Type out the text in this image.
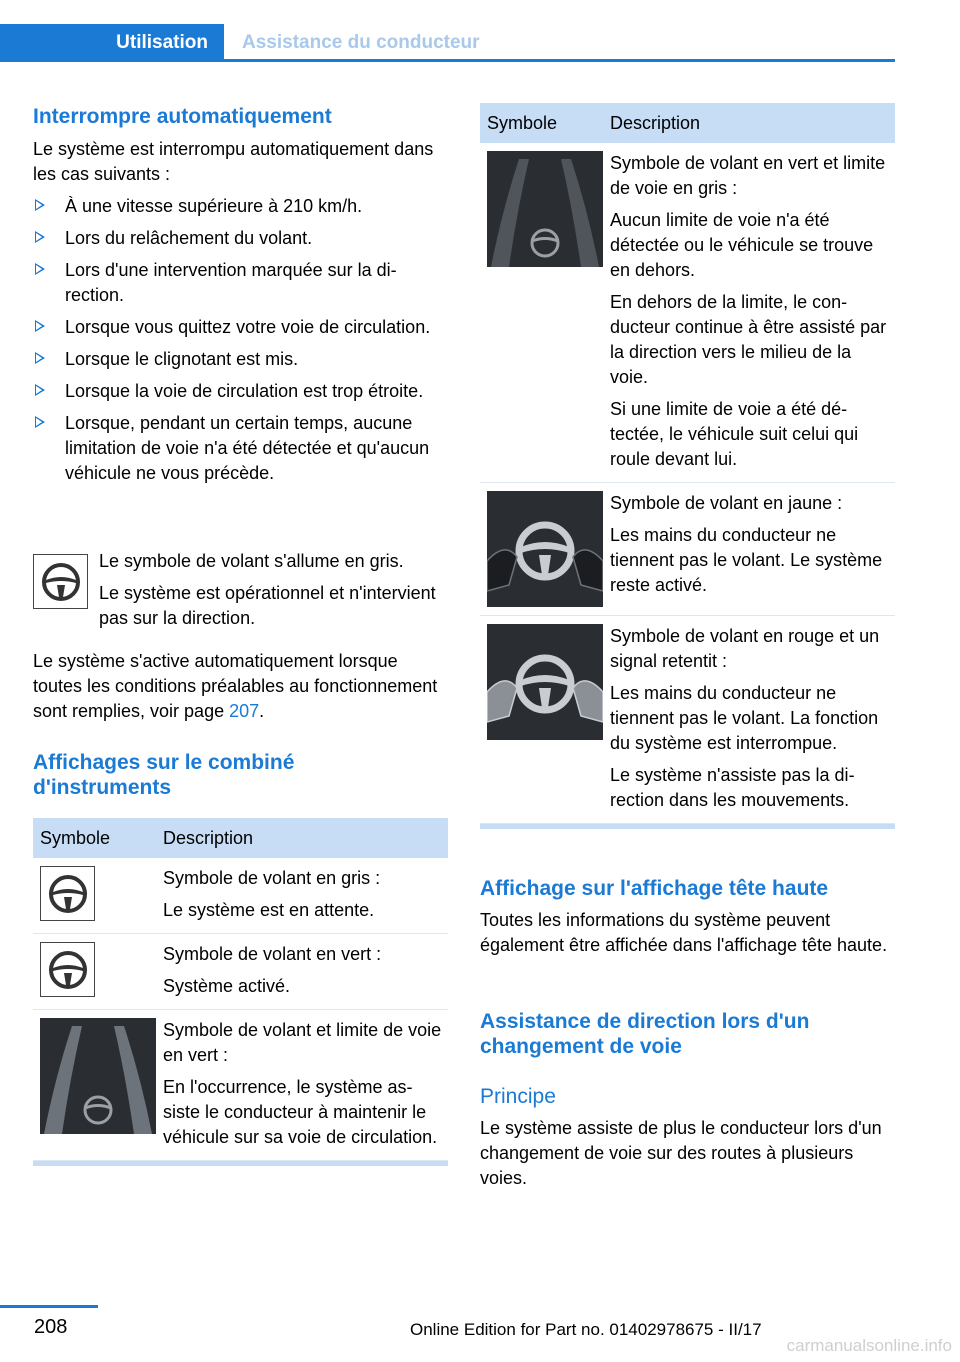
Utilisation	Assistance du conducteur
Interrompre automatiquement
Le système est interrompu automatiquement dans les cas suivants :
À une vitesse supérieure à 210 km/h.
Lors du relâchement du volant.
Lors d'une intervention marquée sur la direction.
Lorsque vous quittez votre voie de circulation.
Lorsque le clignotant est mis.
Lorsque la voie de circulation est trop étroite.
Lorsque, pendant un certain temps, aucune limitation de voie n'a été détectée et qu'aucun véhicule ne vous précède.
Le symbole de volant s'allume en gris.
Le système est opérationnel et n'intervient pas sur la direction.
Le système s'active automatiquement lorsque toutes les conditions préalables au fonctionnement sont remplies, voir page 207.
Affichages sur le combiné d'instruments
Symbole	Description

Symbole de volant en gris :
Le système est en attente.

Symbole de volant en vert :
Système activé.

Symbole de volant et limite de voie en vert :
En l'occurrence, le système assiste le conducteur à maintenir le véhicule sur sa voie de circulation.
Symbole	Description

Symbole de volant en vert et limite de voie en gris :
Aucun limite de voie n'a été détectée ou le véhicule se trouve en dehors.
En dehors de la limite, le conducteur continue à être assisté par la direction vers le milieu de la voie.
Si une limite de voie a été détectée, le véhicule suit celui qui roule devant lui.

Symbole de volant en jaune :
Les mains du conducteur ne tiennent pas le volant. Le système reste activé.

Symbole de volant en rouge et un signal retentit :
Les mains du conducteur ne tiennent pas le volant. La fonction du système est interrompue.
Le système n'assiste pas la direction dans les mouvements.
Affichage sur l'affichage tête haute
Toutes les informations du système peuvent également être affichée dans l'affichage tête haute.
Assistance de direction lors d'un changement de voie
Principe
Le système assiste de plus le conducteur lors d'un changement de voie sur des routes à plusieurs voies.
208	Online Edition for Part no. 01402978675 - II/17
carmanualsonline.info
